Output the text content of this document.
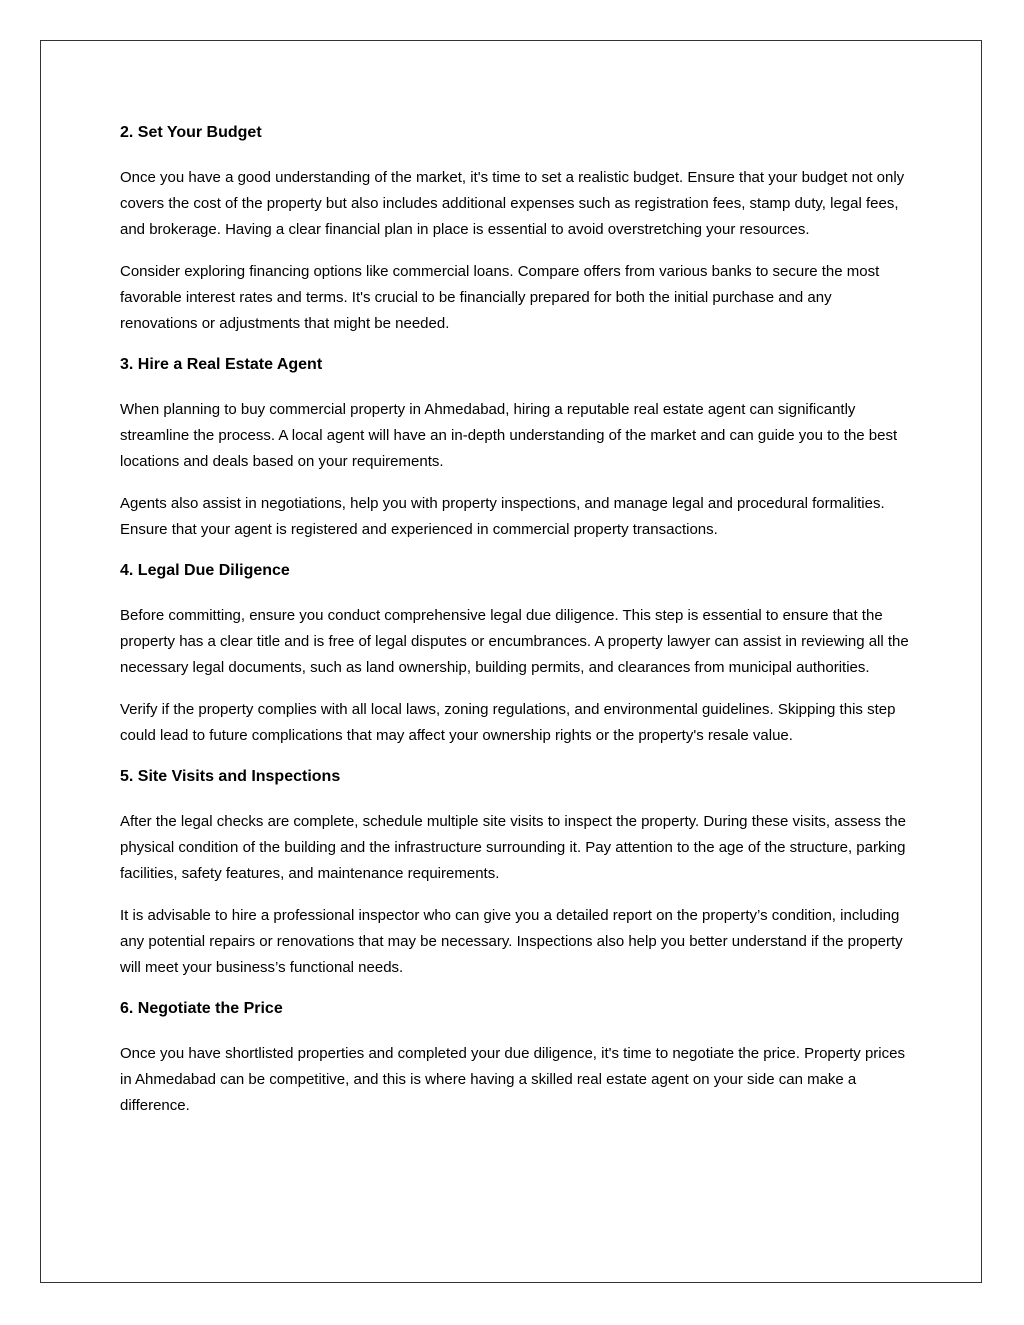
2. Set Your Budget

Once you have a good understanding of the market, it's time to set a realistic budget. Ensure that your budget not only covers the cost of the property but also includes additional expenses such as registration fees, stamp duty, legal fees, and brokerage. Having a clear financial plan in place is essential to avoid overstretching your resources.

Consider exploring financing options like commercial loans. Compare offers from various banks to secure the most favorable interest rates and terms. It's crucial to be financially prepared for both the initial purchase and any renovations or adjustments that might be needed.

3. Hire a Real Estate Agent

When planning to buy commercial property in Ahmedabad, hiring a reputable real estate agent can significantly streamline the process. A local agent will have an in-depth understanding of the market and can guide you to the best locations and deals based on your requirements.

Agents also assist in negotiations, help you with property inspections, and manage legal and procedural formalities. Ensure that your agent is registered and experienced in commercial property transactions.

4. Legal Due Diligence

Before committing, ensure you conduct comprehensive legal due diligence. This step is essential to ensure that the property has a clear title and is free of legal disputes or encumbrances. A property lawyer can assist in reviewing all the necessary legal documents, such as land ownership, building permits, and clearances from municipal authorities.

Verify if the property complies with all local laws, zoning regulations, and environmental guidelines. Skipping this step could lead to future complications that may affect your ownership rights or the property's resale value.

5. Site Visits and Inspections

After the legal checks are complete, schedule multiple site visits to inspect the property. During these visits, assess the physical condition of the building and the infrastructure surrounding it. Pay attention to the age of the structure, parking facilities, safety features, and maintenance requirements.

It is advisable to hire a professional inspector who can give you a detailed report on the property’s condition, including any potential repairs or renovations that may be necessary. Inspections also help you better understand if the property will meet your business’s functional needs.

6. Negotiate the Price

Once you have shortlisted properties and completed your due diligence, it's time to negotiate the price. Property prices in Ahmedabad can be competitive, and this is where having a skilled real estate agent on your side can make a difference.
